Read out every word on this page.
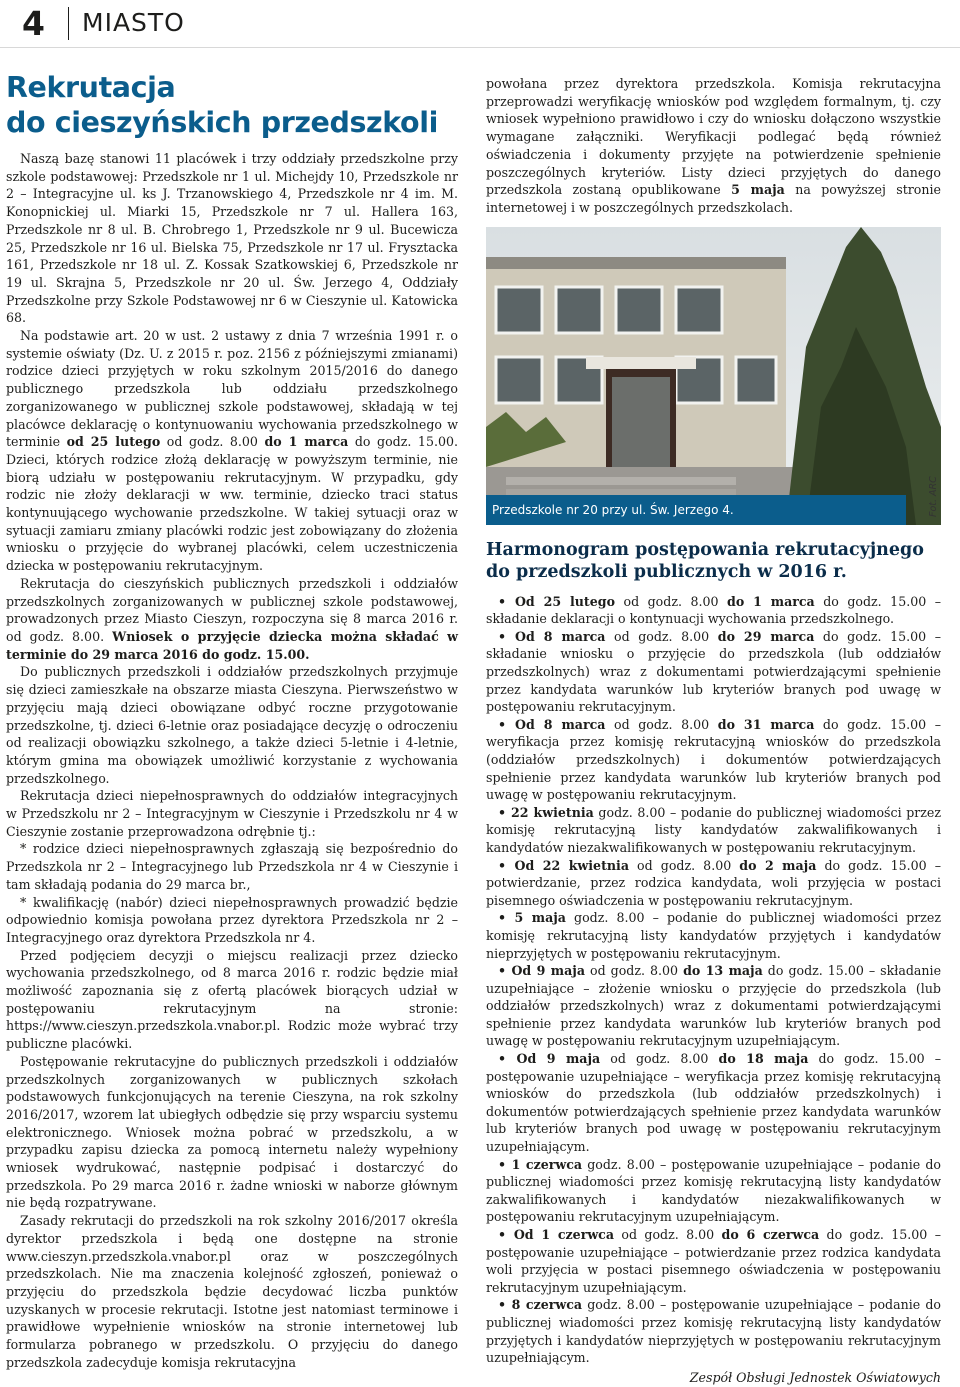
4 MIASTO
Rekrutacja
do cieszyńskich przedszkoli

Naszą bazę stanowi 11 placówek i trzy oddziały przedszkolne przy szkole podstawowej: Przedszkole nr 1 ul. Michejdy 10, Przedszkole nr 2 – Integracyjne ul. ks J. Trzanowskiego 4, Przedszkole nr 4 im. M. Konopnickiej ul. Miarki 15, Przedszkole nr 7 ul. Hallera 163, Przedszkole nr 8 ul. B. Chrobrego 1, Przedszkole nr 9 ul. Bucewicza 25, Przedszkole nr 16 ul. Bielska 75, Przedszkole nr 17 ul. Frysztacka 161, Przedszkole nr 18 ul. Z. Kossak Szatkowskiej 6, Przedszkole nr 19 ul. Skrajna 5, Przedszkole nr 20 ul. Św. Jerzego 4, Oddziały Przedszkolne przy Szkole Podstawowej nr 6 w Cieszynie ul. Katowicka 68.

Na podstawie art. 20 w ust. 2 ustawy z dnia 7 września 1991 r. o systemie oświaty (Dz. U. z 2015 r. poz. 2156 z późniejszymi zmianami) rodzice dzieci przyjętych w roku szkolnym 2015/2016 do danego publicznego przedszkola lub oddziału przedszkolnego zorganizowanego w publicznej szkole podstawowej, składają w tej placówce deklarację o kontynuowaniu wychowania przedszkolnego w terminie od 25 lutego od godz. 8.00 do 1 marca do godz. 15.00. Dzieci, których rodzice złożą deklarację w powyższym terminie, nie biorą udziału w postępowaniu rekrutacyjnym. W przypadku, gdy rodzic nie złoży deklaracji w ww. terminie, dziecko traci status kontynuującego wychowanie przedszkolne. W takiej sytuacji oraz w sytuacji zamiaru zmiany placówki rodzic jest zobowiązany do złożenia wniosku o przyjęcie do wybranej placówki, celem uczestniczenia dziecka w postępowaniu rekrutacyjnym.

Rekrutacja do cieszyńskich publicznych przedszkoli i oddziałów przedszkolnych zorganizowanych w publicznej szkole podstawowej, prowadzonych przez Miasto Cieszyn, rozpoczyna się 8 marca 2016 r. od godz. 8.00. Wniosek o przyjęcie dziecka można składać w terminie do 29 marca 2016 do godz. 15.00.

Do publicznych przedszkoli i oddziałów przedszkolnych przyjmuje się dzieci zamieszkałe na obszarze miasta Cieszyna. Pierwszeństwo w przyjęciu mają dzieci obowiązane odbyć roczne przygotowanie przedszkolne, tj. dzieci 6-letnie oraz posiadające decyzję o odroczeniu od realizacji obowiązku szkolnego, a także dzieci 5-letnie i 4-letnie, którym gmina ma obowiązek umożliwić korzystanie z wychowania przedszkolnego.

Rekrutacja dzieci niepełnosprawnych do oddziałów integracyjnych w Przedszkolu nr 2 – Integracyjnym w Cieszynie i Przedszkolu nr 4 w Cieszynie zostanie przeprowadzona odrębnie tj.:

* rodzice dzieci niepełnosprawnych zgłaszają się bezpośrednio do Przedszkola nr 2 – Integracyjnego lub Przedszkola nr 4 w Cieszynie i tam składają podania do 29 marca br.,

* kwalifikację (nabór) dzieci niepełnosprawnych prowadzić będzie odpowiednio komisja powołana przez dyrektora Przedszkola nr 2 – Integracyjnego oraz dyrektora Przedszkola nr 4.

Przed podjęciem decyzji o miejscu realizacji przez dziecko wychowania przedszkolnego, od 8 marca 2016 r. rodzic będzie miał możliwość zapoznania się z ofertą placówek biorących udział w postępowaniu rekrutacyjnym na stronie: https://www.cieszyn.przedszkola.vnabor.pl. Rodzic może wybrać trzy publiczne placówki.

Postępowanie rekrutacyjne do publicznych przedszkoli i oddziałów przedszkolnych zorganizowanych w publicznych szkołach podstawowych funkcjonujących na terenie Cieszyna, na rok szkolny 2016/2017, wzorem lat ubiegłych odbędzie się przy wsparciu systemu elektronicznego. Wniosek można pobrać w przedszkolu, a w przypadku zapisu dziecka za pomocą internetu należy wypełniony wniosek wydrukować, następnie podpisać i dostarczyć do przedszkola. Po 29 marca 2016 r. żadne wnioski w naborze głównym nie będą rozpatrywane.

Zasady rekrutacji do przedszkoli na rok szkolny 2016/2017 określa dyrektor przedszkola i będą one dostępne na stronie www.cieszyn.przedszkola.vnabor.pl oraz w poszczególnych przedszkolach. Nie ma znaczenia kolejność zgłoszeń, ponieważ o przyjęciu do przedszkola będzie decydować liczba punktów uzyskanych w procesie rekrutacji. Istotne jest natomiast terminowe i prawidłowe wypełnienie wniosków na stronie internetowej lub formularza pobranego w przedszkolu. O przyjęciu do danego przedszkola zadecyduje komisja rekrutacyjna

powołana przez dyrektora przedszkola. Komisja rekrutacyjna przeprowadzi weryfikację wniosków pod względem formalnym, tj. czy wniosek wypełniono prawidłowo i czy do wniosku dołączono wszystkie wymagane załączniki. Weryfikacji podlegać będą również oświadczenia i dokumenty przyjęte na potwierdzenie spełnienie poszczególnych kryteriów. Listy dzieci przyjętych do danego przedszkola zostaną opublikowane 5 maja na powyższej stronie internetowej i w poszczególnych przedszkolach.

Przedszkole nr 20 przy ul. Św. Jerzego 4.	Fot. ARC
Harmonogram postępowania rekrutacyjnego do przedszkoli publicznych w 2016 r.
• Od 25 lutego od godz. 8.00 do 1 marca do godz. 15.00 – składanie deklaracji o kontynuacji wychowania przedszkolnego.
• Od 8 marca od godz. 8.00 do 29 marca do godz. 15.00 – składanie wniosku o przyjęcie do przedszkola (lub oddziałów przedszkolnych) wraz z dokumentami potwierdzającymi spełnienie przez kandydata warunków lub kryteriów branych pod uwagę w postępowaniu rekrutacyjnym.
• Od 8 marca od godz. 8.00 do 31 marca do godz. 15.00 – weryfikacja przez komisję rekrutacyjną wniosków do przedszkola (oddziałów przedszkolnych) i dokumentów potwierdzających spełnienie przez kandydata warunków lub kryteriów branych pod uwagę w postępowaniu rekrutacyjnym.
• 22 kwietnia godz. 8.00 – podanie do publicznej wiadomości przez komisję rekrutacyjną listy kandydatów zakwalifikowanych i kandydatów niezakwalifikowanych w postępowaniu rekrutacyjnym.
• Od 22 kwietnia od godz. 8.00 do 2 maja do godz. 15.00 – potwierdzanie, przez rodzica kandydata, woli przyjęcia w postaci pisemnego oświadczenia w postępowaniu rekrutacyjnym.
• 5 maja godz. 8.00 – podanie do publicznej wiadomości przez komisję rekrutacyjną listy kandydatów przyjętych i kandydatów nieprzyjętych w postępowaniu rekrutacyjnym.
• Od 9 maja od godz. 8.00 do 13 maja do godz. 15.00 – składanie uzupełniające – złożenie wniosku o przyjęcie do przedszkola (lub oddziałów przedszkolnych) wraz z dokumentami potwierdzającymi spełnienie przez kandydata warunków lub kryteriów branych pod uwagę w postępowaniu rekrutacyjnym uzupełniającym.
• Od 9 maja od godz. 8.00 do 18 maja do godz. 15.00 – postępowanie uzupełniające – weryfikacja przez komisję rekrutacyjną wniosków do przedszkola (lub oddziałów przedszkolnych) i dokumentów potwierdzających spełnienie przez kandydata warunków lub kryteriów branych pod uwagę w postępowaniu rekrutacyjnym uzupełniającym.
• 1 czerwca godz. 8.00 – postępowanie uzupełniające – podanie do publicznej wiadomości przez komisję rekrutacyjną listy kandydatów zakwalifikowanych i kandydatów niezakwalifikowanych w postępowaniu rekrutacyjnym uzupełniającym.
• Od 1 czerwca od godz. 8.00 do 6 czerwca do godz. 15.00 – postępowanie uzupełniające – potwierdzanie przez rodzica kandydata woli przyjęcia w postaci pisemnego oświadczenia w postępowaniu rekrutacyjnym uzupełniającym.
• 8 czerwca godz. 8.00 – postępowanie uzupełniające – podanie do publicznej wiadomości przez komisję rekrutacyjną listy kandydatów przyjętych i kandydatów nieprzyjętych w postępowaniu rekrutacyjnym uzupełniającym.
Zespół Obsługi Jednostek Oświatowych
